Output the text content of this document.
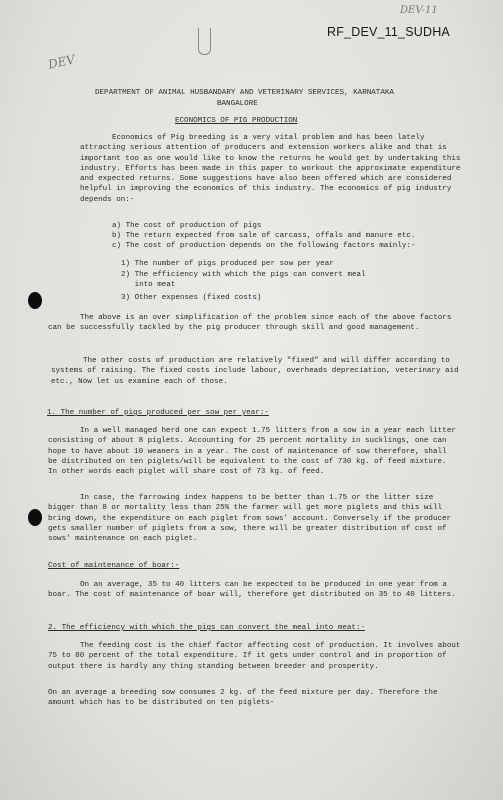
DEV
DEV-11
RF_DEV_11_SUDHA
DEPARTMENT OF ANIMAL HUSBANDARY AND VETERINARY SERVICES, KARNATAKA
BANGALORE
ECONOMICS OF PIG PRODUCTION
Economics of Pig breeding is a very vital problem and has been lately attracting serious attention of producers and extension workers alike and that is important too as one would like to know the returns he would get by undertaking this industry. Efforts has been made in this paper to workout the approximate expenditure and expected returns. Some suggestions have also been offered which are considered helpful in improving the economics of this industry. The economics of pig industry depends on:-
a) The cost of production of pigs
b) The return expected from sale of carcass, offals and manure etc.
c) The cost of production depends on the following factors mainly:-
1) The number of pigs produced per sow per year
2) The efficiency with which the pigs can convert meal
into meat
3) Other expenses (fixed costs)
The above is an over simplification of the problem since each of the above factors can be successfully tackled by the pig producer through skill and good management.
The other costs of production are relatively "fixed" and will differ according to systems of raising. The fixed costs include labour, overheads depreciation, veterinary aid etc., Now let us examine each of those.
1. The number of pigs produced per sow per year:-
In a well managed herd one can expect 1.75 litters from a sow in a year each litter consisting of about 8 piglets. Accounting for 25 percent mortality in sucklings, one can hope to have about 10 weaners in a year. The cost of maintenance of sow therefore, shall be distributed on ten piglets/will be equivalent to the cost of 730 kg. of feed mixture. In other words each piglet will share cost of 73 kg. of feed.
In case, the farrowing index happens to be better than 1.75 or the litter size bigger than 8 or mortality less than 25% the farmer will get more piglets and this will bring down, the expenditure on each piglet from sows' account. Conversely if the producer gets smaller number of piglets from a sow, there will be greater distribution of cost of sows' maintenance on each piglet.
Cost of maintenance of boar:-
On an average, 35 to 40 litters can be expected to be produced in one year from a boar. The cost of maintenance of boar will, therefore get distributed on 35 to 40 litters.
2. The efficiency with which the pigs can convert the meal into meat:-
The feeding cost is the chief factor affecting cost of production. It involves about 75 to 80 percent of the total expenditure. If it gets under control and in proportion of output there is hardly any thing standing between breeder and prosperity.
On an average a breeding sow consumes 2 kg. of the feed mixture per day. Therefore the amount which has to be distributed on ten piglets-
